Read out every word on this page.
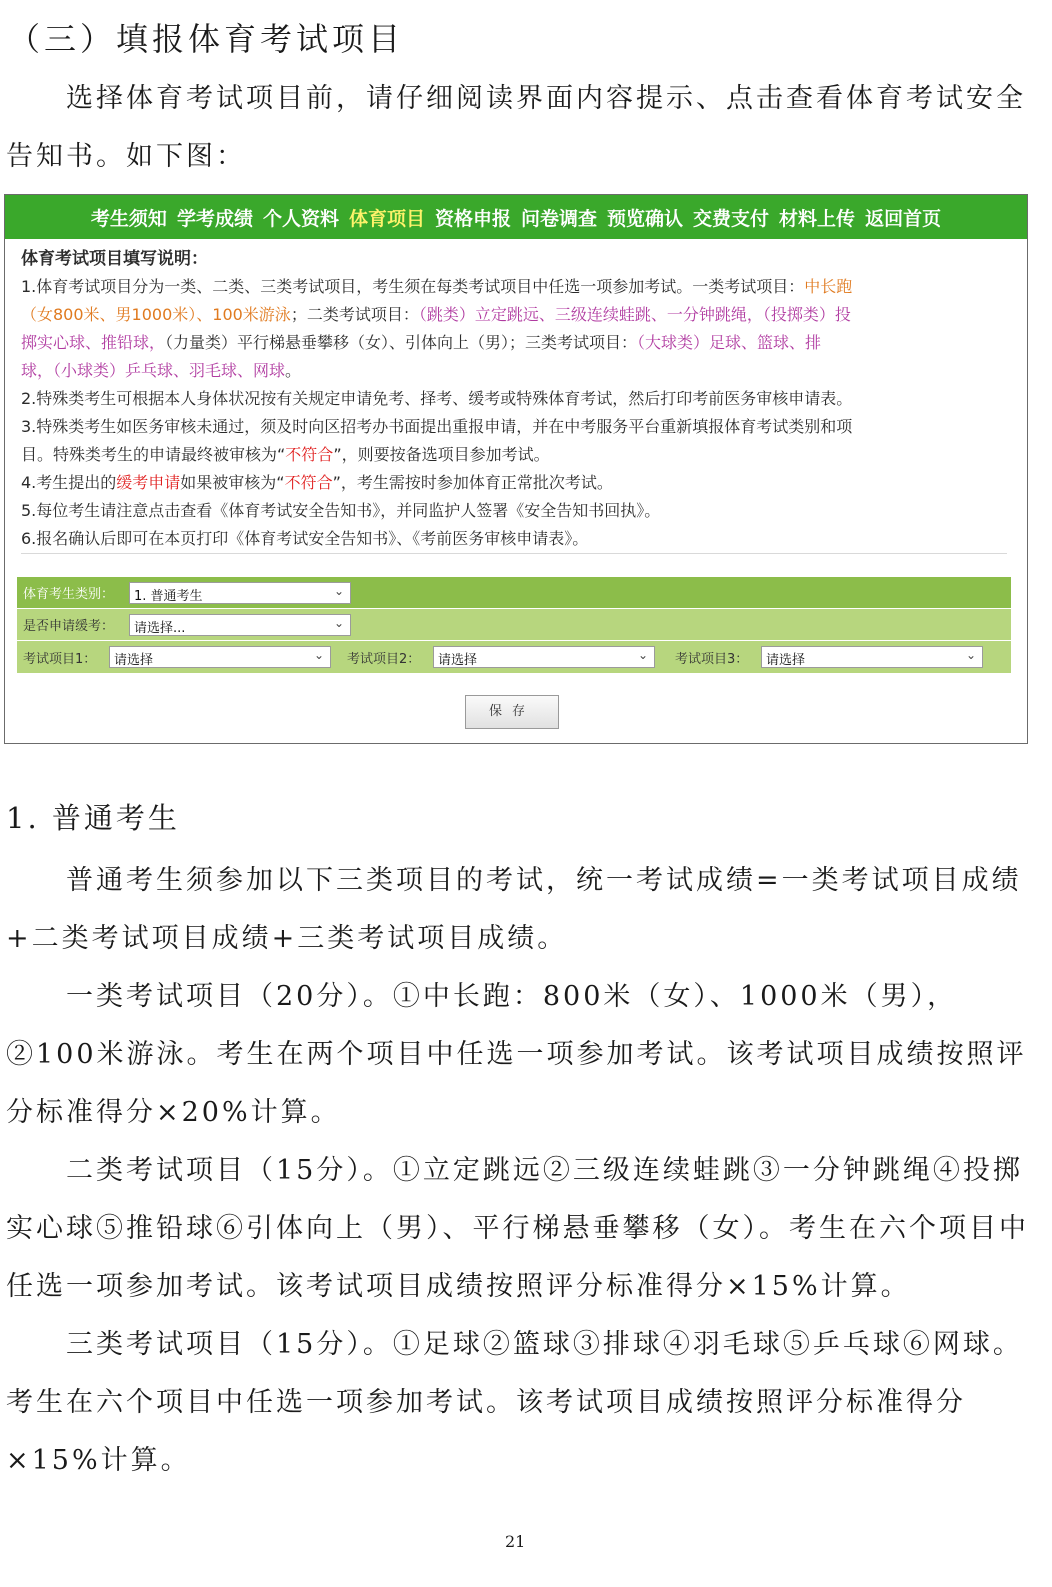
（三）填报体育考试项目
选择体育考试项目前，请仔细阅读界面内容提示、点击查看体育考试安全告知书。如下图：
考生须知 学考成绩 个人资料 体育项目 资格申报 问卷调查 预览确认 交费支付 材料上传 返回首页
体育考试项目填写说明：
1.体育考试项目分为一类、二类、三类考试项目，考生须在每类考试项目中任选一项参加考试。一类考试项目：中长跑
（女800米、男1000米）、100米游泳；二类考试项目：（跳类）立定跳远、三级连续蛙跳、一分钟跳绳，（投掷类）投
掷实心球、推铅球，（力量类）平行梯悬垂攀移（女）、引体向上（男）；三类考试项目：（大球类）足球、篮球、排
球，（小球类）乒乓球、羽毛球、网球。
2.特殊类考生可根据本人身体状况按有关规定申请免考、择考、缓考或特殊体育考试，然后打印考前医务审核申请表。
3.特殊类考生如医务审核未通过，须及时向区招考办书面提出重报申请，并在中考服务平台重新填报体育考试类别和项
目。特殊类考生的申请最终被审核为“不符合”，则要按备选项目参加考试。
4.考生提出的缓考申请如果被审核为“不符合”，考生需按时参加体育正常批次考试。
5.每位考生请注意点击查看《体育考试安全告知书》，并同监护人签署《安全告知书回执》。
6.报名确认后即可在本页打印《体育考试安全告知书》、《考前医务审核申请表》。
体育考生类别：	1. 普通考生	⌄
是否申请缓考：	请选择...	⌄
考试项目1：	请选择	⌄	考试项目2：	请选择	⌄	考试项目3：	请选择	⌄
保存
1. 普通考生
普通考生须参加以下三类项目的考试，统一考试成绩=一类考试项目成绩+二类考试项目成绩+三类考试项目成绩。
一类考试项目（20分）。①中长跑：800米（女）、1000米（男），②100米游泳。考生在两个项目中任选一项参加考试。该考试项目成绩按照评分标准得分×20%计算。
二类考试项目（15分）。①立定跳远②三级连续蛙跳③一分钟跳绳④投掷实心球⑤推铅球⑥引体向上（男）、平行梯悬垂攀移（女）。考生在六个项目中任选一项参加考试。该考试项目成绩按照评分标准得分×15%计算。
三类考试项目（15分）。①足球②篮球③排球④羽毛球⑤乒乓球⑥网球。考生在六个项目中任选一项参加考试。该考试项目成绩按照评分标准得分×15%计算。
21
